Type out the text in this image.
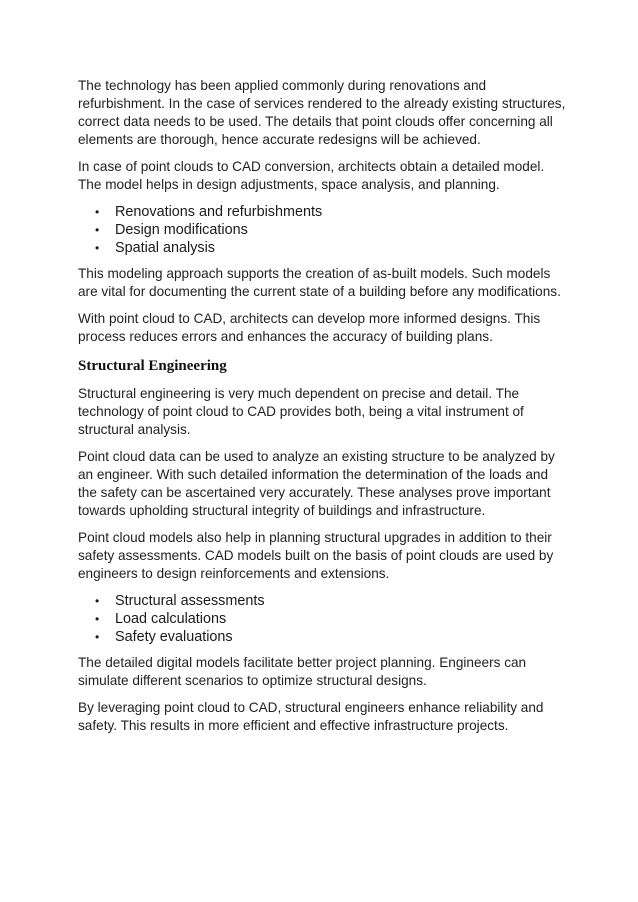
The technology has been applied commonly during renovations and refurbishment. In the case of services rendered to the already existing structures, correct data needs to be used. The details that point clouds offer concerning all elements are thorough, hence accurate redesigns will be achieved.

In case of point clouds to CAD conversion, architects obtain a detailed model. The model helps in design adjustments, space analysis, and planning.

• Renovations and refurbishments
• Design modifications
• Spatial analysis

This modeling approach supports the creation of as-built models. Such models are vital for documenting the current state of a building before any modifications.

With point cloud to CAD, architects can develop more informed designs. This process reduces errors and enhances the accuracy of building plans.

Structural Engineering

Structural engineering is very much dependent on precise and detail. The technology of point cloud to CAD provides both, being a vital instrument of structural analysis.

Point cloud data can be used to analyze an existing structure to be analyzed by an engineer. With such detailed information the determination of the loads and the safety can be ascertained very accurately. These analyses prove important towards upholding structural integrity of buildings and infrastructure.

Point cloud models also help in planning structural upgrades in addition to their safety assessments. CAD models built on the basis of point clouds are used by engineers to design reinforcements and extensions.

• Structural assessments
• Load calculations
• Safety evaluations

The detailed digital models facilitate better project planning. Engineers can simulate different scenarios to optimize structural designs.

By leveraging point cloud to CAD, structural engineers enhance reliability and safety. This results in more efficient and effective infrastructure projects.
